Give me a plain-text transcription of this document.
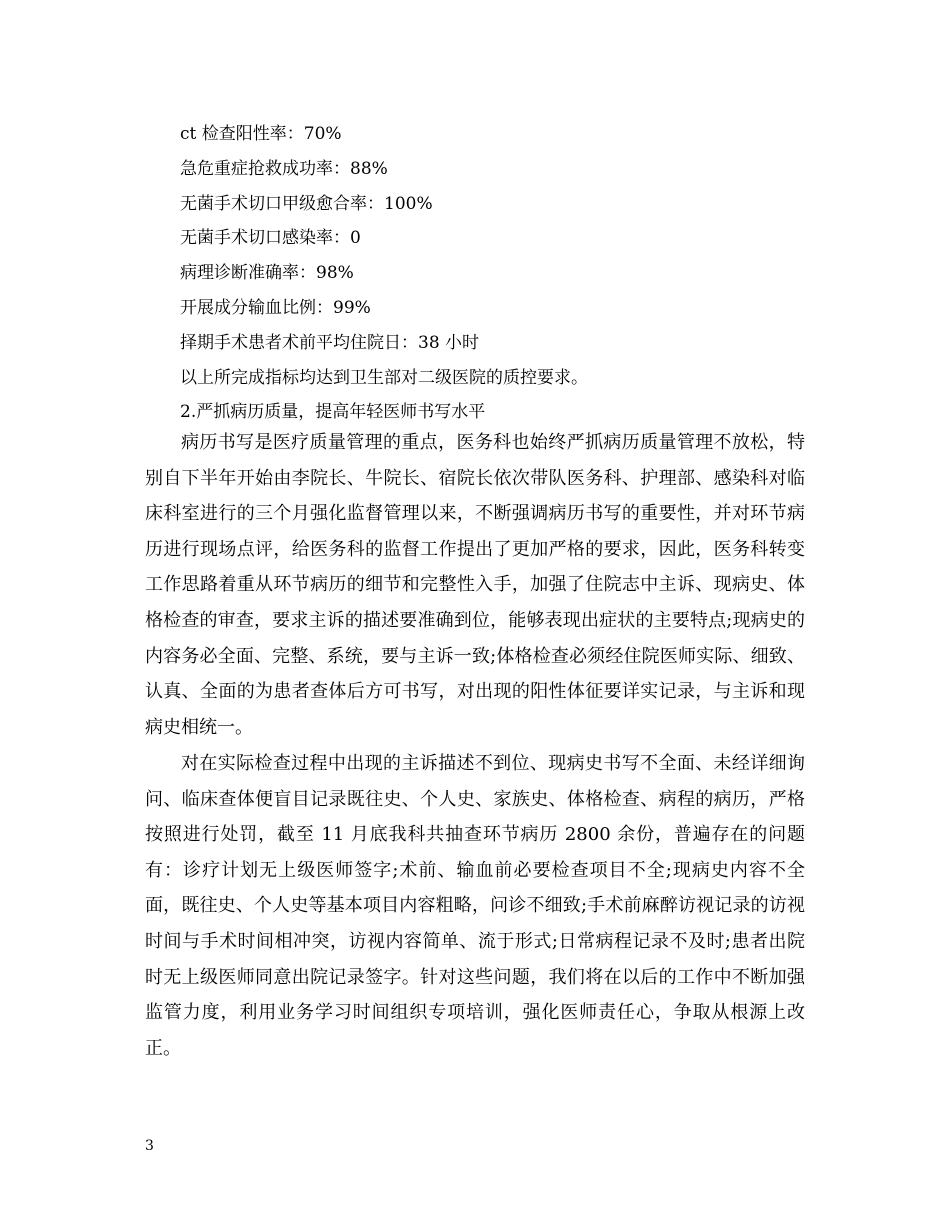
ct 检查阳性率：70%
急危重症抢救成功率：88%
无菌手术切口甲级愈合率：100%
无菌手术切口感染率：0
病理诊断准确率：98%
开展成分输血比例：99%
择期手术患者术前平均住院日：38 小时
以上所完成指标均达到卫生部对二级医院的质控要求。
2.严抓病历质量，提高年轻医师书写水平

病历书写是医疗质量管理的重点，医务科也始终严抓病历质量管理不放松，特别自下半年开始由李院长、牛院长、宿院长依次带队医务科、护理部、感染科对临床科室进行的三个月强化监督管理以来，不断强调病历书写的重要性，并对环节病历进行现场点评，给医务科的监督工作提出了更加严格的要求，因此，医务科转变工作思路着重从环节病历的细节和完整性入手，加强了住院志中主诉、现病史、体格检查的审查，要求主诉的描述要准确到位，能够表现出症状的主要特点;现病史的内容务必全面、完整、系统，要与主诉一致;体格检查必须经住院医师实际、细致、认真、全面的为患者查体后方可书写，对出现的阳性体征要详实记录，与主诉和现病史相统一。

对在实际检查过程中出现的主诉描述不到位、现病史书写不全面、未经详细询问、临床查体便盲目记录既往史、个人史、家族史、体格检查、病程的病历，严格按照进行处罚，截至 11 月底我科共抽查环节病历 2800 余份，普遍存在的问题有：诊疗计划无上级医师签字;术前、输血前必要检查项目不全;现病史内容不全面，既往史、个人史等基本项目内容粗略，问诊不细致;手术前麻醉访视记录的访视时间与手术时间相冲突，访视内容简单、流于形式;日常病程记录不及时;患者出院时无上级医师同意出院记录签字。针对这些问题，我们将在以后的工作中不断加强监管力度，利用业务学习时间组织专项培训，强化医师责任心，争取从根源上改正。

3
